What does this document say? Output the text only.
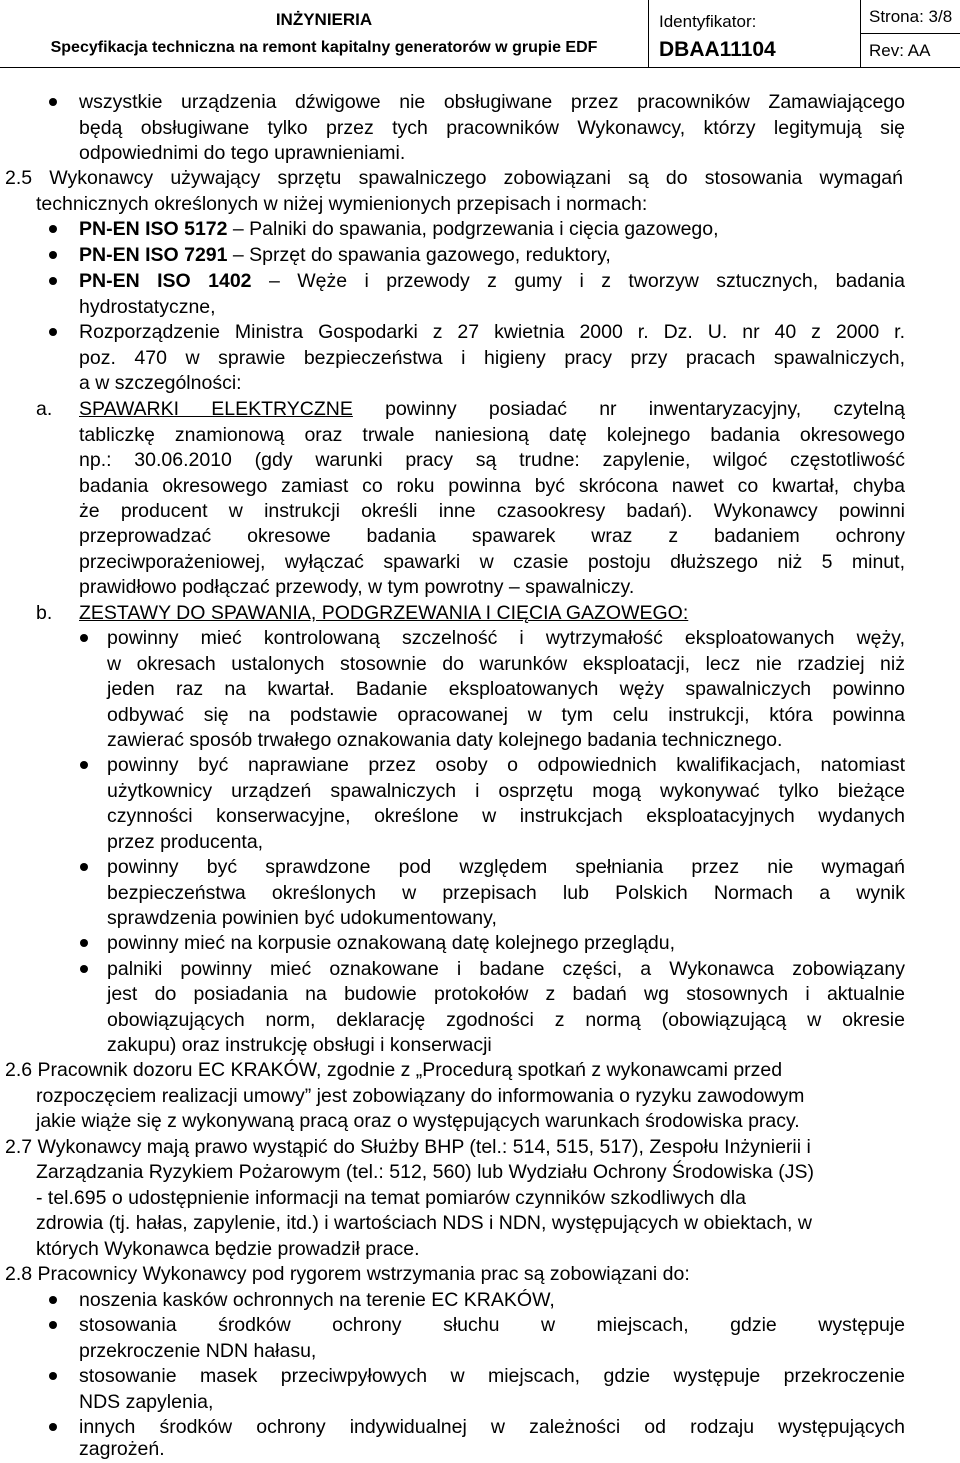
INŻYNIERIA
Specyfikacja techniczna na remont kapitalny generatorów w grupie EDF
Identyfikator:
DBAA11104
Strona: 3/8
Rev: AA
wszystkie urządzenia dźwigowe nie obsługiwane przez pracowników Zamawiającego
będą obsługiwane tylko przez tych pracowników Wykonawcy, którzy legitymują się
odpowiednimi do tego uprawnieniami.
2.5 Wykonawcy używający sprzętu spawalniczego zobowiązani są do stosowania wymagań
technicznych określonych w niżej wymienionych przepisach i normach:
PN-EN ISO 5172 – Palniki do spawania, podgrzewania i cięcia gazowego,
PN-EN ISO 7291 – Sprzęt do spawania gazowego, reduktory,
PN-EN ISO 1402 – Węże i przewody z gumy i z tworzyw sztucznych, badania
hydrostatyczne,
Rozporządzenie Ministra Gospodarki z 27 kwietnia 2000 r. Dz. U. nr 40 z 2000 r.
poz. 470 w sprawie bezpieczeństwa i higieny pracy przy pracach spawalniczych,
a w szczególności:
a. SPAWARKI ELEKTRYCZNE powinny posiadać nr inwentaryzacyjny, czytelną
tabliczkę znamionową oraz trwale naniesioną datę kolejnego badania okresowego
np.: 30.06.2010 (gdy warunki pracy są trudne: zapylenie, wilgoć częstotliwość
badania okresowego zamiast co roku powinna być skrócona nawet co kwartał, chyba
że producent w instrukcji określi inne czasookresy badań). Wykonawcy powinni
przeprowadzać okresowe badania spawarek wraz z badaniem ochrony
przeciwporażeniowej, wyłączać spawarki w czasie postoju dłuższego niż 5 minut,
prawidłowo podłączać przewody, w tym powrotny – spawalniczy.
b. ZESTAWY DO SPAWANIA, PODGRZEWANIA I CIĘCIA GAZOWEGO:
powinny mieć kontrolowaną szczelność i wytrzymałość eksploatowanych węży,
w okresach ustalonych stosownie do warunków eksploatacji, lecz nie rzadziej niż
jeden raz na kwartał. Badanie eksploatowanych węży spawalniczych powinno
odbywać się na podstawie opracowanej w tym celu instrukcji, która powinna
zawierać sposób trwałego oznakowania daty kolejnego badania technicznego.
powinny być naprawiane przez osoby o odpowiednich kwalifikacjach, natomiast
użytkownicy urządzeń spawalniczych i osprzętu mogą wykonywać tylko bieżące
czynności konserwacyjne, określone w instrukcjach eksploatacyjnych wydanych
przez producenta,
powinny być sprawdzone pod względem spełniania przez nie wymagań
bezpieczeństwa określonych w przepisach lub Polskich Normach a wynik
sprawdzenia powinien być udokumentowany,
powinny mieć na korpusie oznakowaną datę kolejnego przeglądu,
palniki powinny mieć oznakowane i badane części, a Wykonawca zobowiązany
jest do posiadania na budowie protokołów z badań wg stosownych i aktualnie
obowiązujących norm, deklarację zgodności z normą (obowiązującą w okresie
zakupu) oraz instrukcję obsługi i konserwacji
2.6 Pracownik dozoru EC KRAKÓW, zgodnie z „Procedurą spotkań z wykonawcami przed
rozpoczęciem realizacji umowy” jest zobowiązany do informowania o ryzyku zawodowym
jakie wiąże się z wykonywaną pracą oraz o występujących warunkach środowiska pracy.
2.7 Wykonawcy mają prawo wystąpić do Służby BHP (tel.: 514, 515, 517), Zespołu Inżynierii i
Zarządzania Ryzykiem Pożarowym (tel.: 512, 560) lub Wydziału Ochrony Środowiska (JS)
- tel.695 o udostępnienie informacji na temat pomiarów czynników szkodliwych dla
zdrowia (tj. hałas, zapylenie, itd.) i wartościach NDS i NDN, występujących w obiektach, w
których Wykonawca będzie prowadził prace.
2.8 Pracownicy Wykonawcy pod rygorem wstrzymania prac są zobowiązani do:
noszenia kasków ochronnych na terenie EC KRAKÓW,
stosowania środków ochrony słuchu w miejscach, gdzie występuje
przekroczenie NDN hałasu,
stosowanie masek przeciwpyłowych w miejscach, gdzie występuje przekroczenie
NDS zapylenia,
innych środków ochrony indywidualnej w zależności od rodzaju występujących
zagrożeń.
